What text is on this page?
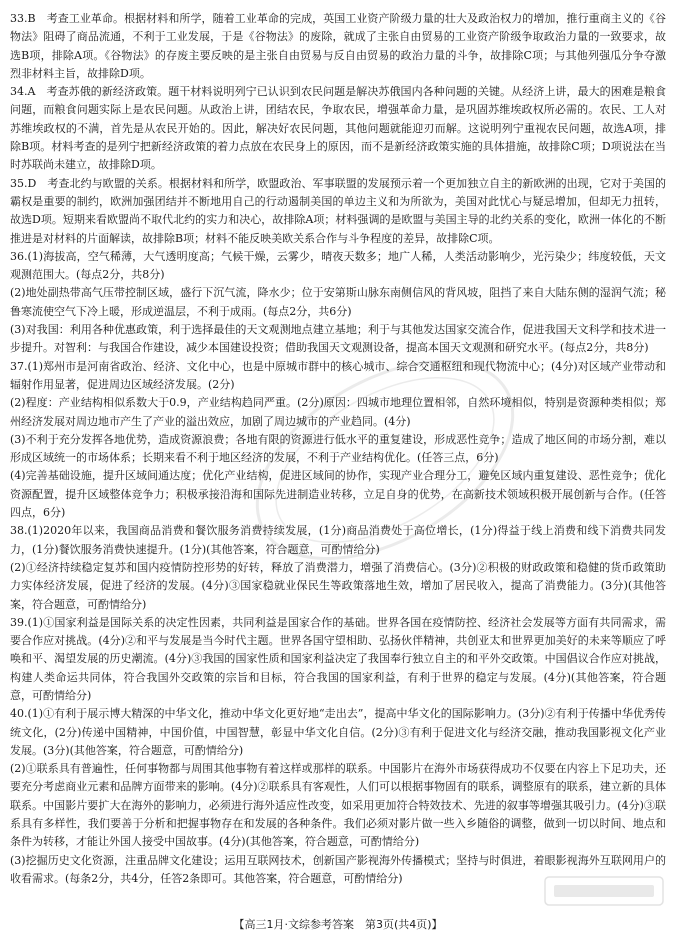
33.B　考查工业革命。根据材料和所学，随着工业革命的完成，英国工业资产阶级力量的壮大及政治权力的增加，推行重商主义的《谷物法》阻碍了商品流通，不利于工业发展，于是《谷物法》的废除，就成了主张自由贸易的工业资产阶级争取政治力量的一致要求，故选B项，排除A项。《谷物法》的存废主要反映的是主张自由贸易与反自由贸易的政治力量的斗争，故排除C项；与其他列强瓜分争夺激烈非材料主旨，故排除D项。

34.A　考查苏俄的新经济政策。题干材料说明列宁已认识到农民问题是解决苏俄国内各种问题的关键。从经济上讲，最大的困难是粮食问题，而粮食问题实际上是农民问题。从政治上讲，团结农民，争取农民，增强革命力量，是巩固苏维埃政权所必需的。农民、工人对苏维埃政权的不满，首先是从农民开始的。因此，解决好农民问题，其他问题就能迎刃而解。这说明列宁重视农民问题，故选A项，排除B项。材料考查的是列宁把新经济政策的着力点放在农民身上的原因，而不是新经济政策实施的具体措施，故排除C项；D项说法在当时苏联尚未建立，故排除D项。

35.D　考查北约与欧盟的关系。根据材料和所学，欧盟政治、军事联盟的发展预示着一个更加独立自主的新欧洲的出现，它对于美国的霸权是重要的制约，欧洲加强团结并不断地用自己的行动遏制美国的单边主义和为所欲为，美国对此忧心与疑忌增加，但却无力扭转，故选D项。短期来看欧盟尚不取代北约的实力和决心，故排除A项；材料强调的是欧盟与美国主导的北约关系的变化，欧洲一体化的不断推进是对材料的片面解读，故排除B项；材料不能反映美欧关系合作与斗争程度的差异，故排除C项。

36.(1)海拔高，空气稀薄，大气透明度高；气候干燥，云雾少，晴夜天数多；地广人稀，人类活动影响少，光污染少；纬度较低，天文观测范围大。(每点2分，共8分)

(2)地处副热带高气压带控制区域，盛行下沉气流，降水少；位于安第斯山脉东南侧信风的背风坡，阻挡了来自大陆东侧的湿润气流；秘鲁寒流使空气下冷上暖，形成逆温层，不利于成雨。(每点2分，共6分)

(3)对我国：利用各种优惠政策，利于选择最佳的天文观测地点建立基地；利于与其他发达国家交流合作，促进我国天文科学和技术进一步提升。对智利：与我国合作建设，减少本国建设投资；借助我国天文观测设备，提高本国天文观测和研究水平。(每点2分，共8分)

37.(1)郑州市是河南省政治、经济、文化中心，也是中原城市群中的核心城市、综合交通枢纽和现代物流中心；(4分)对区域产业带动和辐射作用显著，促进周边区域经济发展。(2分)

(2)程度：产业结构相似系数大于0.9，产业结构趋同严重。(2分)原因：四城市地理位置相邻，自然环境相似，特别是资源种类相似；郑州经济发展对周边地市产生了产业的溢出效应，加剧了周边城市的产业趋同。(4分)

(3)不利于充分发挥各地优势，造成资源浪费；各地有限的资源进行低水平的重复建设，形成恶性竞争；造成了地区间的市场分割，难以形成区域统一的市场体系；长期来看不利于地区经济的发展，不利于产业结构优化。(任答三点，6分)

(4)完善基础设施，提升区域间通达度；优化产业结构，促进区域间的协作，实现产业合理分工，避免区域内重复建设、恶性竞争；优化资源配置，提升区域整体竞争力；积极承接沿海和国际先进制造业转移，立足自身的优势，在高新技术领域积极开展创新与合作。(任答四点，6分)

38.(1)2020年以来，我国商品消费和餐饮服务消费持续发展，(1分)商品消费处于高位增长，(1分)得益于线上消费和线下消费共同发力，(1分)餐饮服务消费快速提升。(1分)(其他答案，符合题意，可酌情给分)

(2)①经济持续稳定复苏和国内疫情防控形势的好转，释放了消费潜力，增强了消费信心。(3分)②积极的财政政策和稳健的货币政策助力实体经济发展，促进了经济的发展。(4分)③国家稳就业保民生等政策落地生效，增加了居民收入，提高了消费能力。(3分)(其他答案，符合题意，可酌情给分)

39.(1)①国家利益是国际关系的决定性因素，共同利益是国家合作的基础。世界各国在疫情防控、经济社会发展等方面有共同需求，需要合作应对挑战。(4分)②和平与发展是当今时代主题。世界各国守望相助、弘扬伙伴精神，共创亚太和世界更加美好的未来等顺应了呼唤和平、渴望发展的历史潮流。(4分)③我国的国家性质和国家利益决定了我国奉行独立自主的和平外交政策。中国倡议合作应对挑战，构建人类命运共同体，符合我国外交政策的宗旨和目标，符合我国的国家利益，有利于世界的稳定与发展。(4分)(其他答案，符合题意，可酌情给分)

40.(1)①有利于展示博大精深的中华文化，推动中华文化更好地“走出去”，提高中华文化的国际影响力。(3分)②有利于传播中华优秀传统文化，(2分)传递中国精神，中国价值，中国智慧，彰显中华文化自信。(2分)③有利于促进文化与经济交融，推动我国影视文化产业发展。(3分)(其他答案，符合题意，可酌情给分)

(2)①联系具有普遍性，任何事物都与周围其他事物有着这样或那样的联系。中国影片在海外市场获得成功不仅要在内容上下足功夫，还要充分考虑商业元素和品牌方面带来的影响。(4分)②联系具有客观性，人们可以根据事物固有的联系，调整原有的联系，建立新的具体联系。中国影片要扩大在海外的影响力，必须进行海外适应性改变，如采用更加符合特效技术、先进的叙事等增强其吸引力。(4分)③联系具有多样性，我们要善于分析和把握事物存在和发展的各种条件。我们必须对影片做一些入乡随俗的调整，做到一切以时间、地点和条件为转移，才能让外国人接受中国故事。(4分)(其他答案，符合题意，可酌情给分)

(3)挖掘历史文化资源，注重品牌文化建设；运用互联网技术，创新国产影视海外传播模式；坚持与时俱进，着眼影视海外互联网用户的收看需求。(每条2分，共4分，任答2条即可。其他答案，符合题意，可酌情给分)

【高三1月·文综参考答案　第3页(共4页)】
